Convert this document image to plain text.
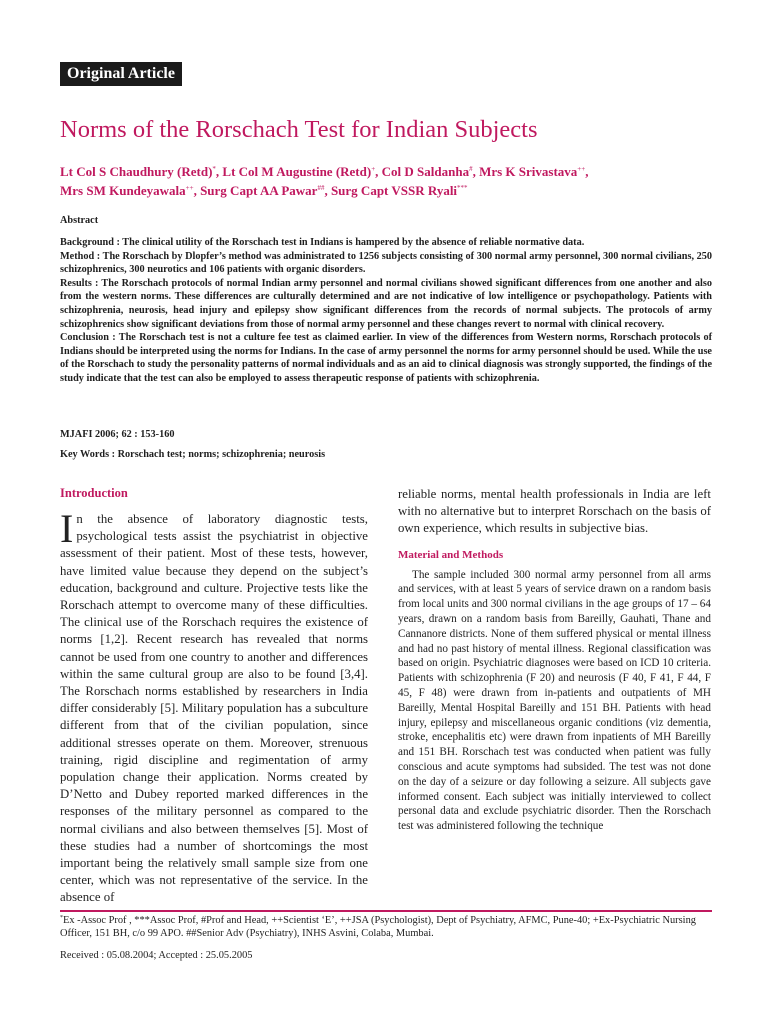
Original Article
Norms of the Rorschach Test for Indian Subjects
Lt Col S Chaudhury (Retd)*, Lt Col M Augustine (Retd)+, Col D Saldanha#, Mrs K Srivastava++,
Mrs SM Kundeyawala++, Surg Capt AA Pawar##, Surg Capt VSSR Ryali***
Abstract

Background : The clinical utility of the Rorschach test in Indians is hampered by the absence of reliable normative data.

Method : The Rorschach by Dlopfer’s method was administrated to 1256 subjects consisting of 300 normal army personnel, 300 normal civilians, 250 schizophrenics, 300 neurotics and 106 patients with organic disorders.

Results : The Rorschach protocols of normal Indian army personnel and normal civilians showed significant differences from one another and also from the western norms. These differences are culturally determined and are not indicative of low intelligence or psychopathology. Patients with schizophrenia, neurosis, head injury and epilepsy show significant differences from the records of normal subjects. The protocols of army schizophrenics show significant deviations from those of normal army personnel and these changes revert to normal with clinical recovery.

Conclusion : The Rorschach test is not a culture fee test as claimed earlier. In view of the differences from Western norms, Rorschach protocols of Indians should be interpreted using the norms for Indians. In the case of army personnel the norms for army personnel should be used. While the use of the Rorschach to study the personality patterns of normal individuals and as an aid to clinical diagnosis was strongly supported, the findings of the study indicate that the test can also be employed to assess therapeutic response of patients with schizophrenia.

MJAFI 2006; 62 : 153-160
Key Words : Rorschach test; norms; schizophrenia; neurosis
Introduction

In the absence of laboratory diagnostic tests, psychological tests assist the psychiatrist in objective assessment of their patient. Most of these tests, however, have limited value because they depend on the subject’s education, background and culture. Projective tests like the Rorschach attempt to overcome many of these difficulties. The clinical use of the Rorschach requires the existence of norms [1,2]. Recent research has revealed that norms cannot be used from one country to another and differences within the same cultural group are also to be found [3,4]. The Rorschach norms established by researchers in India differ considerably [5]. Military population has a subculture different from that of the civilian population, since additional stresses operate on them. Moreover, strenuous training, rigid discipline and regimentation of army population change their application. Norms created by D’Netto and Dubey reported marked differences in the responses of the military personnel as compared to the normal civilians and also between themselves [5]. Most of these studies had a number of shortcomings the most important being the relatively small sample size from one center, which was not representative of the service. In the absence of

reliable norms, mental health professionals in India are left with no alternative but to interpret Rorschach on the basis of own experience, which results in subjective bias.

Material and Methods

The sample included 300 normal army personnel from all arms and services, with at least 5 years of service drawn on a random basis from local units and 300 normal civilians in the age groups of 17 – 64 years, drawn on a random basis from Bareilly, Gauhati, Thane and Cannanore districts. None of them suffered physical or mental illness and had no past history of mental illness. Regional classification was based on origin. Psychiatric diagnoses were based on ICD 10 criteria. Patients with schizophrenia (F 20) and neurosis (F 40, F 41, F 44, F 45, F 48) were drawn from in-patients and outpatients of MH Bareilly, Mental Hospital Bareilly and 151 BH. Patients with head injury, epilepsy and miscellaneous organic conditions (viz dementia, stroke, encephalitis etc) were drawn from inpatients of MH Bareilly and 151 BH. Rorschach test was conducted when patient was fully conscious and acute symptoms had subsided. The test was not done on the day of a seizure or day following a seizure. All subjects gave informed consent. Each subject was initially interviewed to collect personal data and exclude psychiatric disorder. Then the Rorschach test was administered following the technique

*Ex -Assoc Prof , ***Assoc Prof, #Prof and Head, ++Scientist ‘E’, ++JSA (Psychologist), Dept of Psychiatry, AFMC, Pune-40; +Ex-Psychiatric Nursing Officer, 151 BH, c/o 99 APO. ##Senior Adv (Psychiatry), INHS Asvini, Colaba, Mumbai.
Received : 05.08.2004; Accepted : 25.05.2005
